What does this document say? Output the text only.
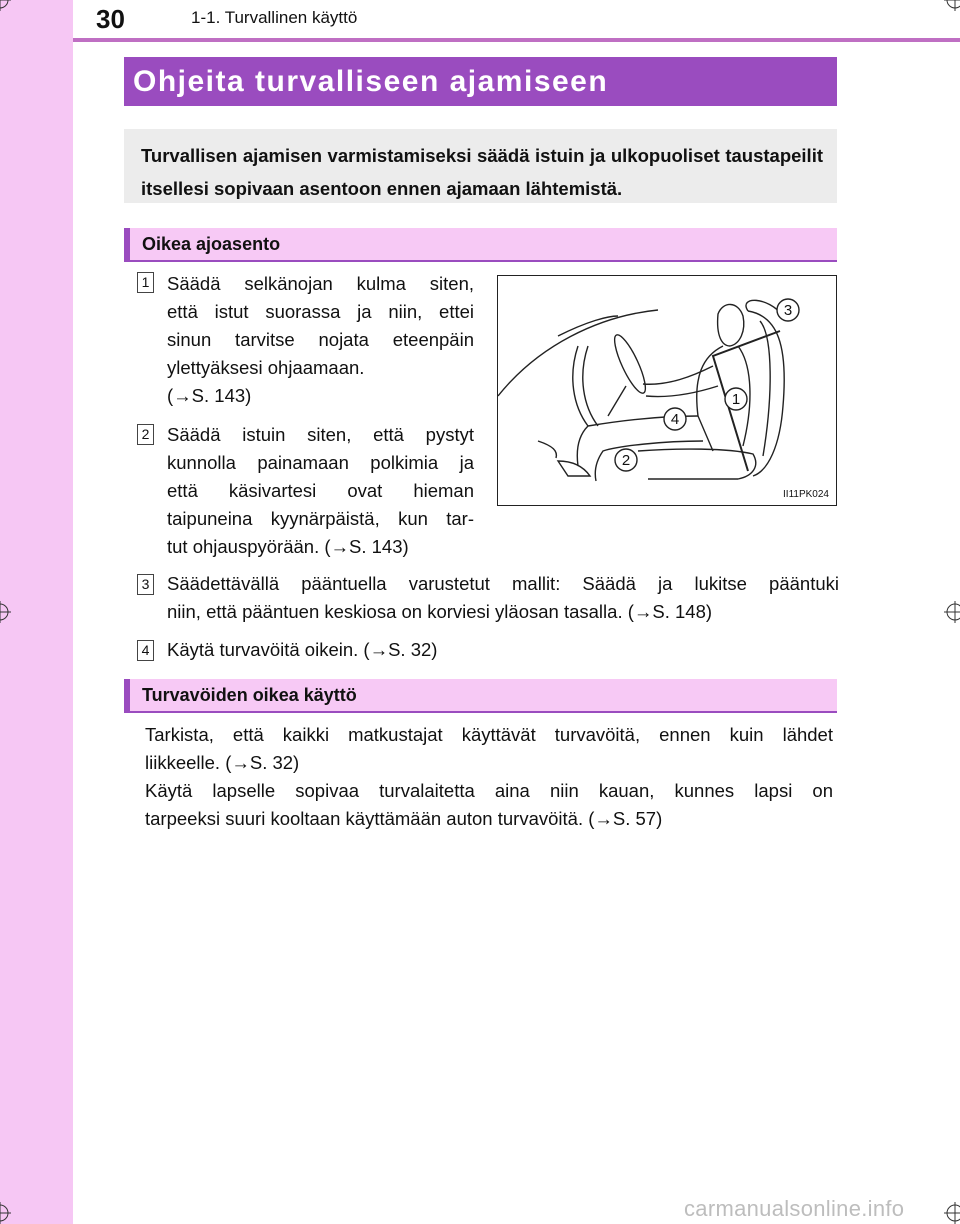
30	1-1. Turvallinen käyttö
Ohjeita turvalliseen ajamiseen
Turvallisen ajamisen varmistamiseksi säädä istuin ja ulkopuoliset taustapeilit itsellesi sopivaan asentoon ennen ajamaan lähtemistä.
Oikea ajoasento
1 Säädä selkänojan kulma siten,
että istut suorassa ja niin, ettei
sinun tarvitse nojata eteenpäin
ylettyäksesi ohjaamaan.
(→S. 143)
2 Säädä istuin siten, että pystyt
kunnolla painamaan polkimia ja
että käsivartesi ovat hieman
taipuneina kyynärpäistä, kun tar-
tut ohjauspyörään. (→S. 143)
3
1
4
2
II11PK024
3 Säädettävällä pääntuella varustetut mallit: Säädä ja lukitse pääntuki
niin, että pääntuen keskiosa on korviesi yläosan tasalla. (→S. 148)
4 Käytä turvavöitä oikein. (→S. 32)
Turvavöiden oikea käyttö
Tarkista, että kaikki matkustajat käyttävät turvavöitä, ennen kuin lähdet
liikkeelle. (→S. 32)
Käytä lapselle sopivaa turvalaitetta aina niin kauan, kunnes lapsi on
tarpeeksi suuri kooltaan käyttämään auton turvavöitä. (→S. 57)
carmanualsonline.info
